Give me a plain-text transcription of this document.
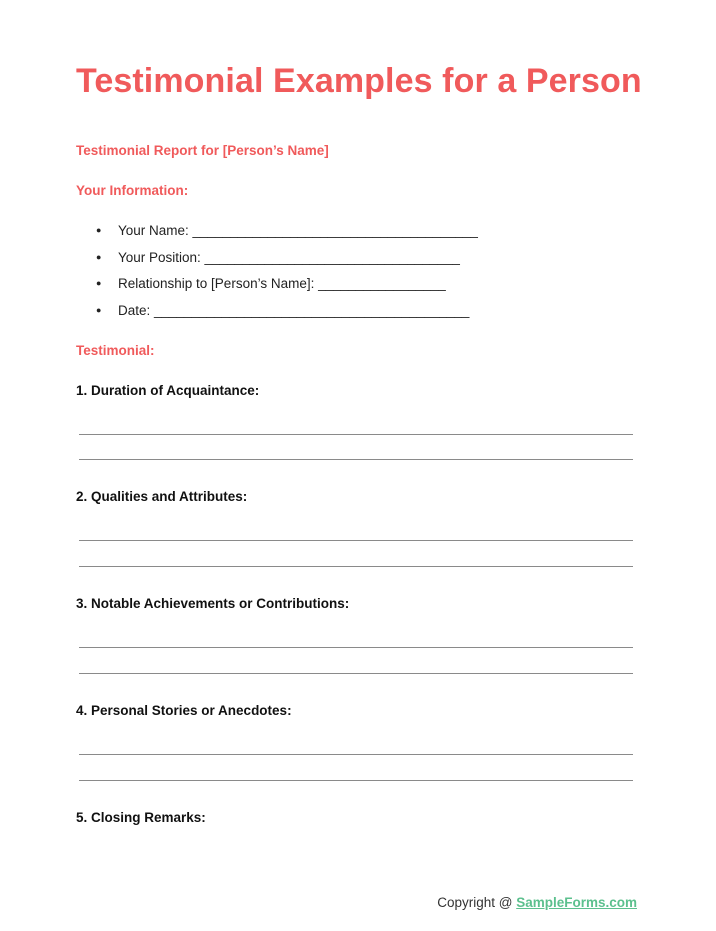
Testimonial Examples for a Person

Testimonial Report for [Person’s Name]

Your Information:

●	Your Name: ______________________________________
●	Your Position: __________________________________
●	Relationship to [Person’s Name]: _________________
●	Date: __________________________________________

Testimonial:

1. Duration of Acquaintance:

2. Qualities and Attributes:

3. Notable Achievements or Contributions:

4. Personal Stories or Anecdotes:

5. Closing Remarks:

Copyright @ SampleForms.com
